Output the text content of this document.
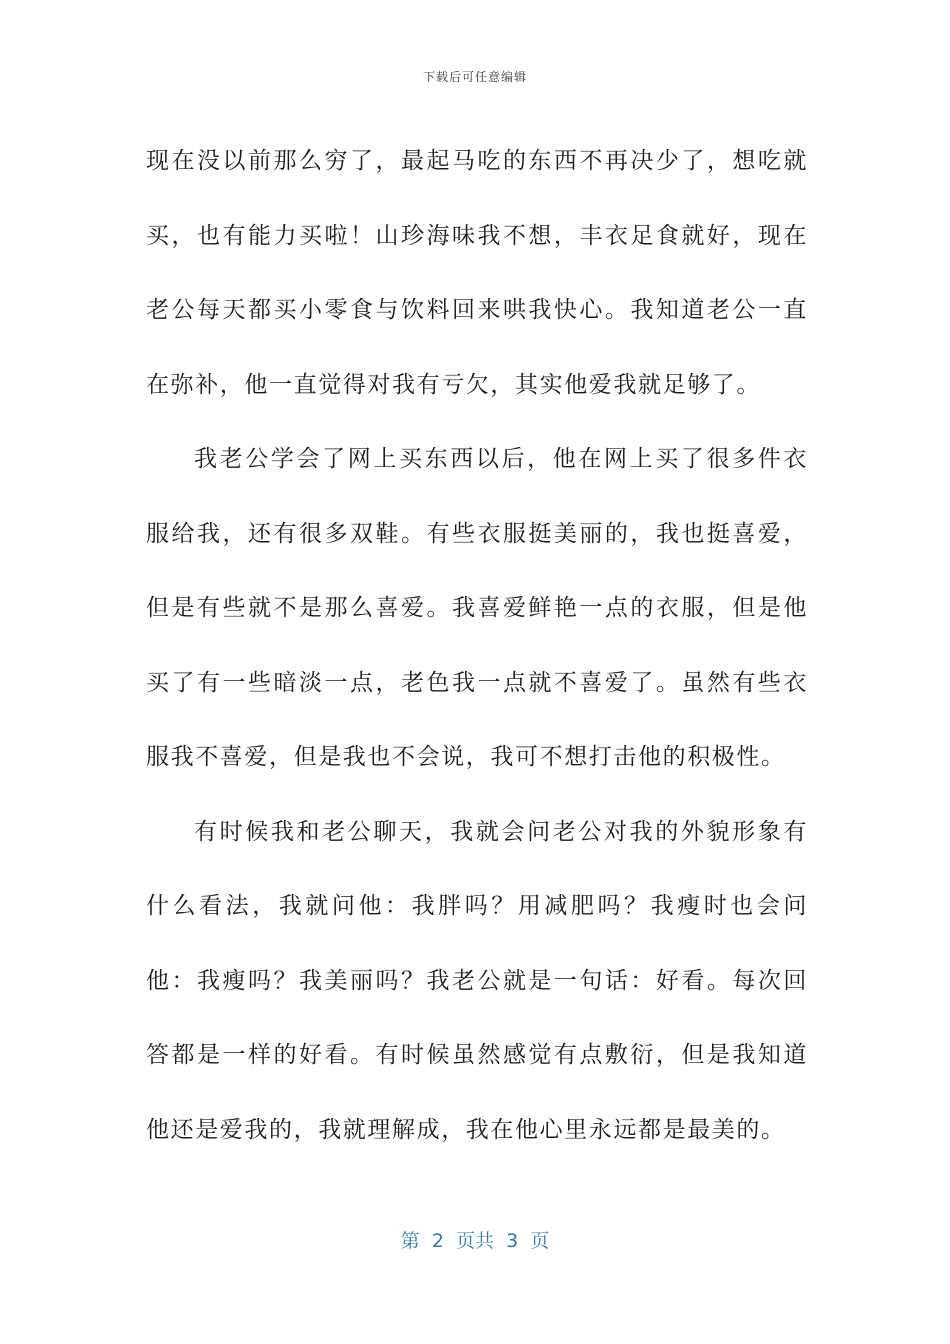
下载后可任意编辑

现在没以前那么穷了，最起马吃的东西不再决少了，想吃就买，也有能力买啦！山珍海味我不想，丰衣足食就好，现在老公每天都买小零食与饮料回来哄我快心。我知道老公一直在弥补，他一直觉得对我有亏欠，其实他爱我就足够了。

我老公学会了网上买东西以后，他在网上买了很多件衣服给我，还有很多双鞋。有些衣服挺美丽的，我也挺喜爱，但是有些就不是那么喜爱。我喜爱鲜艳一点的衣服，但是他买了有一些暗淡一点，老色我一点就不喜爱了。虽然有些衣服我不喜爱，但是我也不会说，我可不想打击他的积极性。

有时候我和老公聊天，我就会问老公对我的外貌形象有什么看法，我就问他：我胖吗？用减肥吗？我瘦时也会问他：我瘦吗？我美丽吗？我老公就是一句话：好看。每次回答都是一样的好看。有时候虽然感觉有点敷衍，但是我知道他还是爱我的，我就理解成，我在他心里永远都是最美的。

第  2  页共  3  页
